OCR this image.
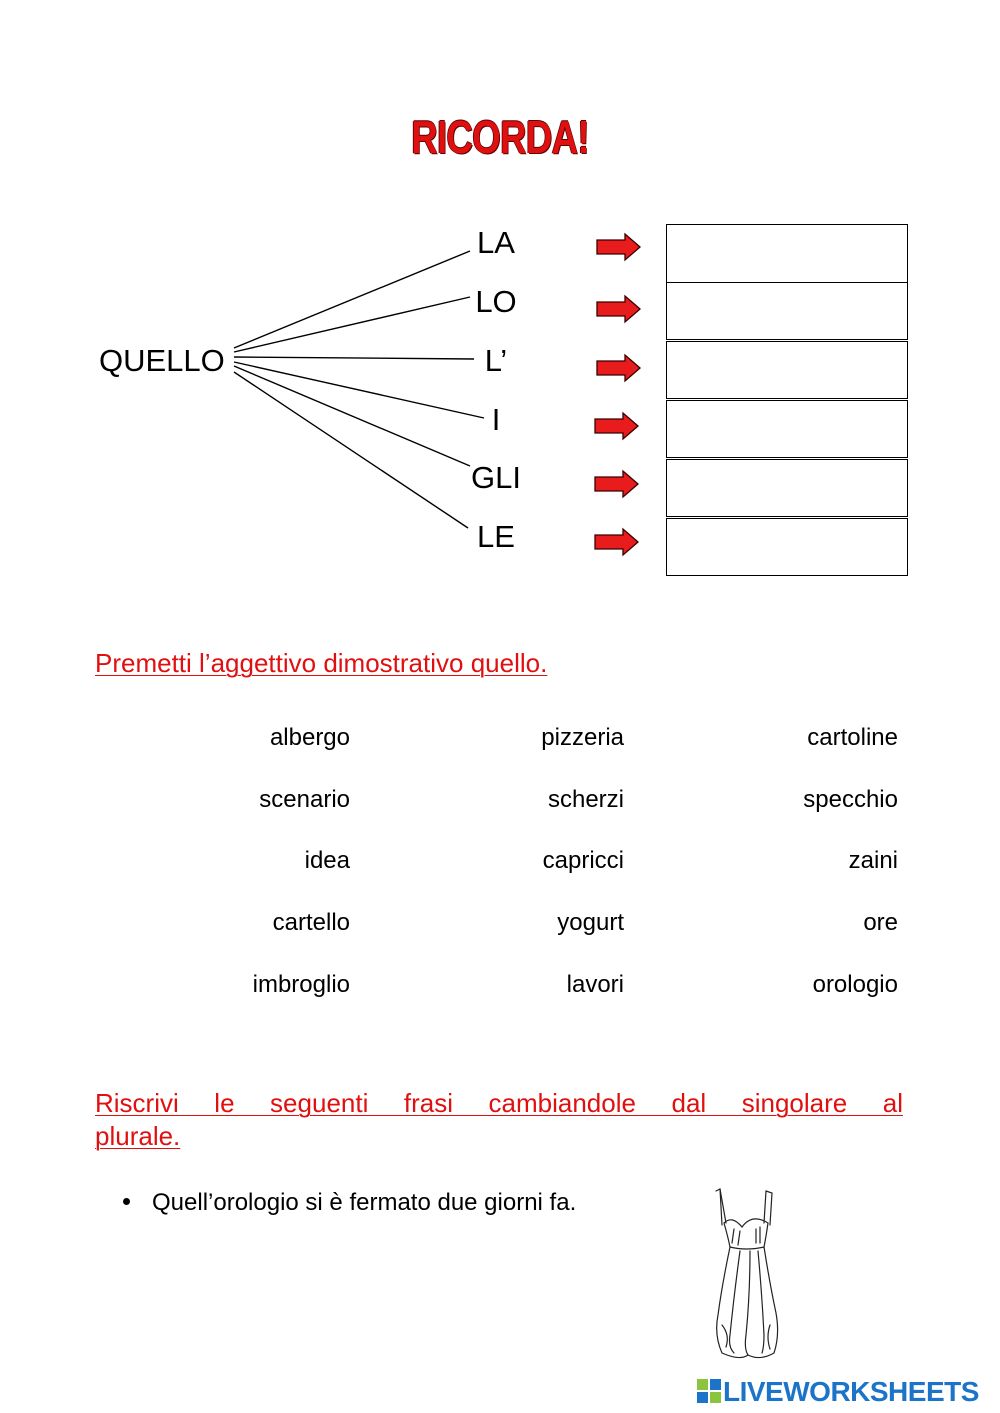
RICORDA!
QUELLO
LA
LO
L’
I
GLI
LE
Premetti l’aggettivo dimostrativo quello.
albergo	pizzeria	cartoline
scenario	scherzi	specchio
idea	capricci	zaini
cartello	yogurt	ore
imbroglio	lavori	orologio
Riscrivi le seguenti frasi cambiandole dal singolare al
plurale.
Quell’orologio si è fermato due giorni fa.
LIVEWORKSHEETS
